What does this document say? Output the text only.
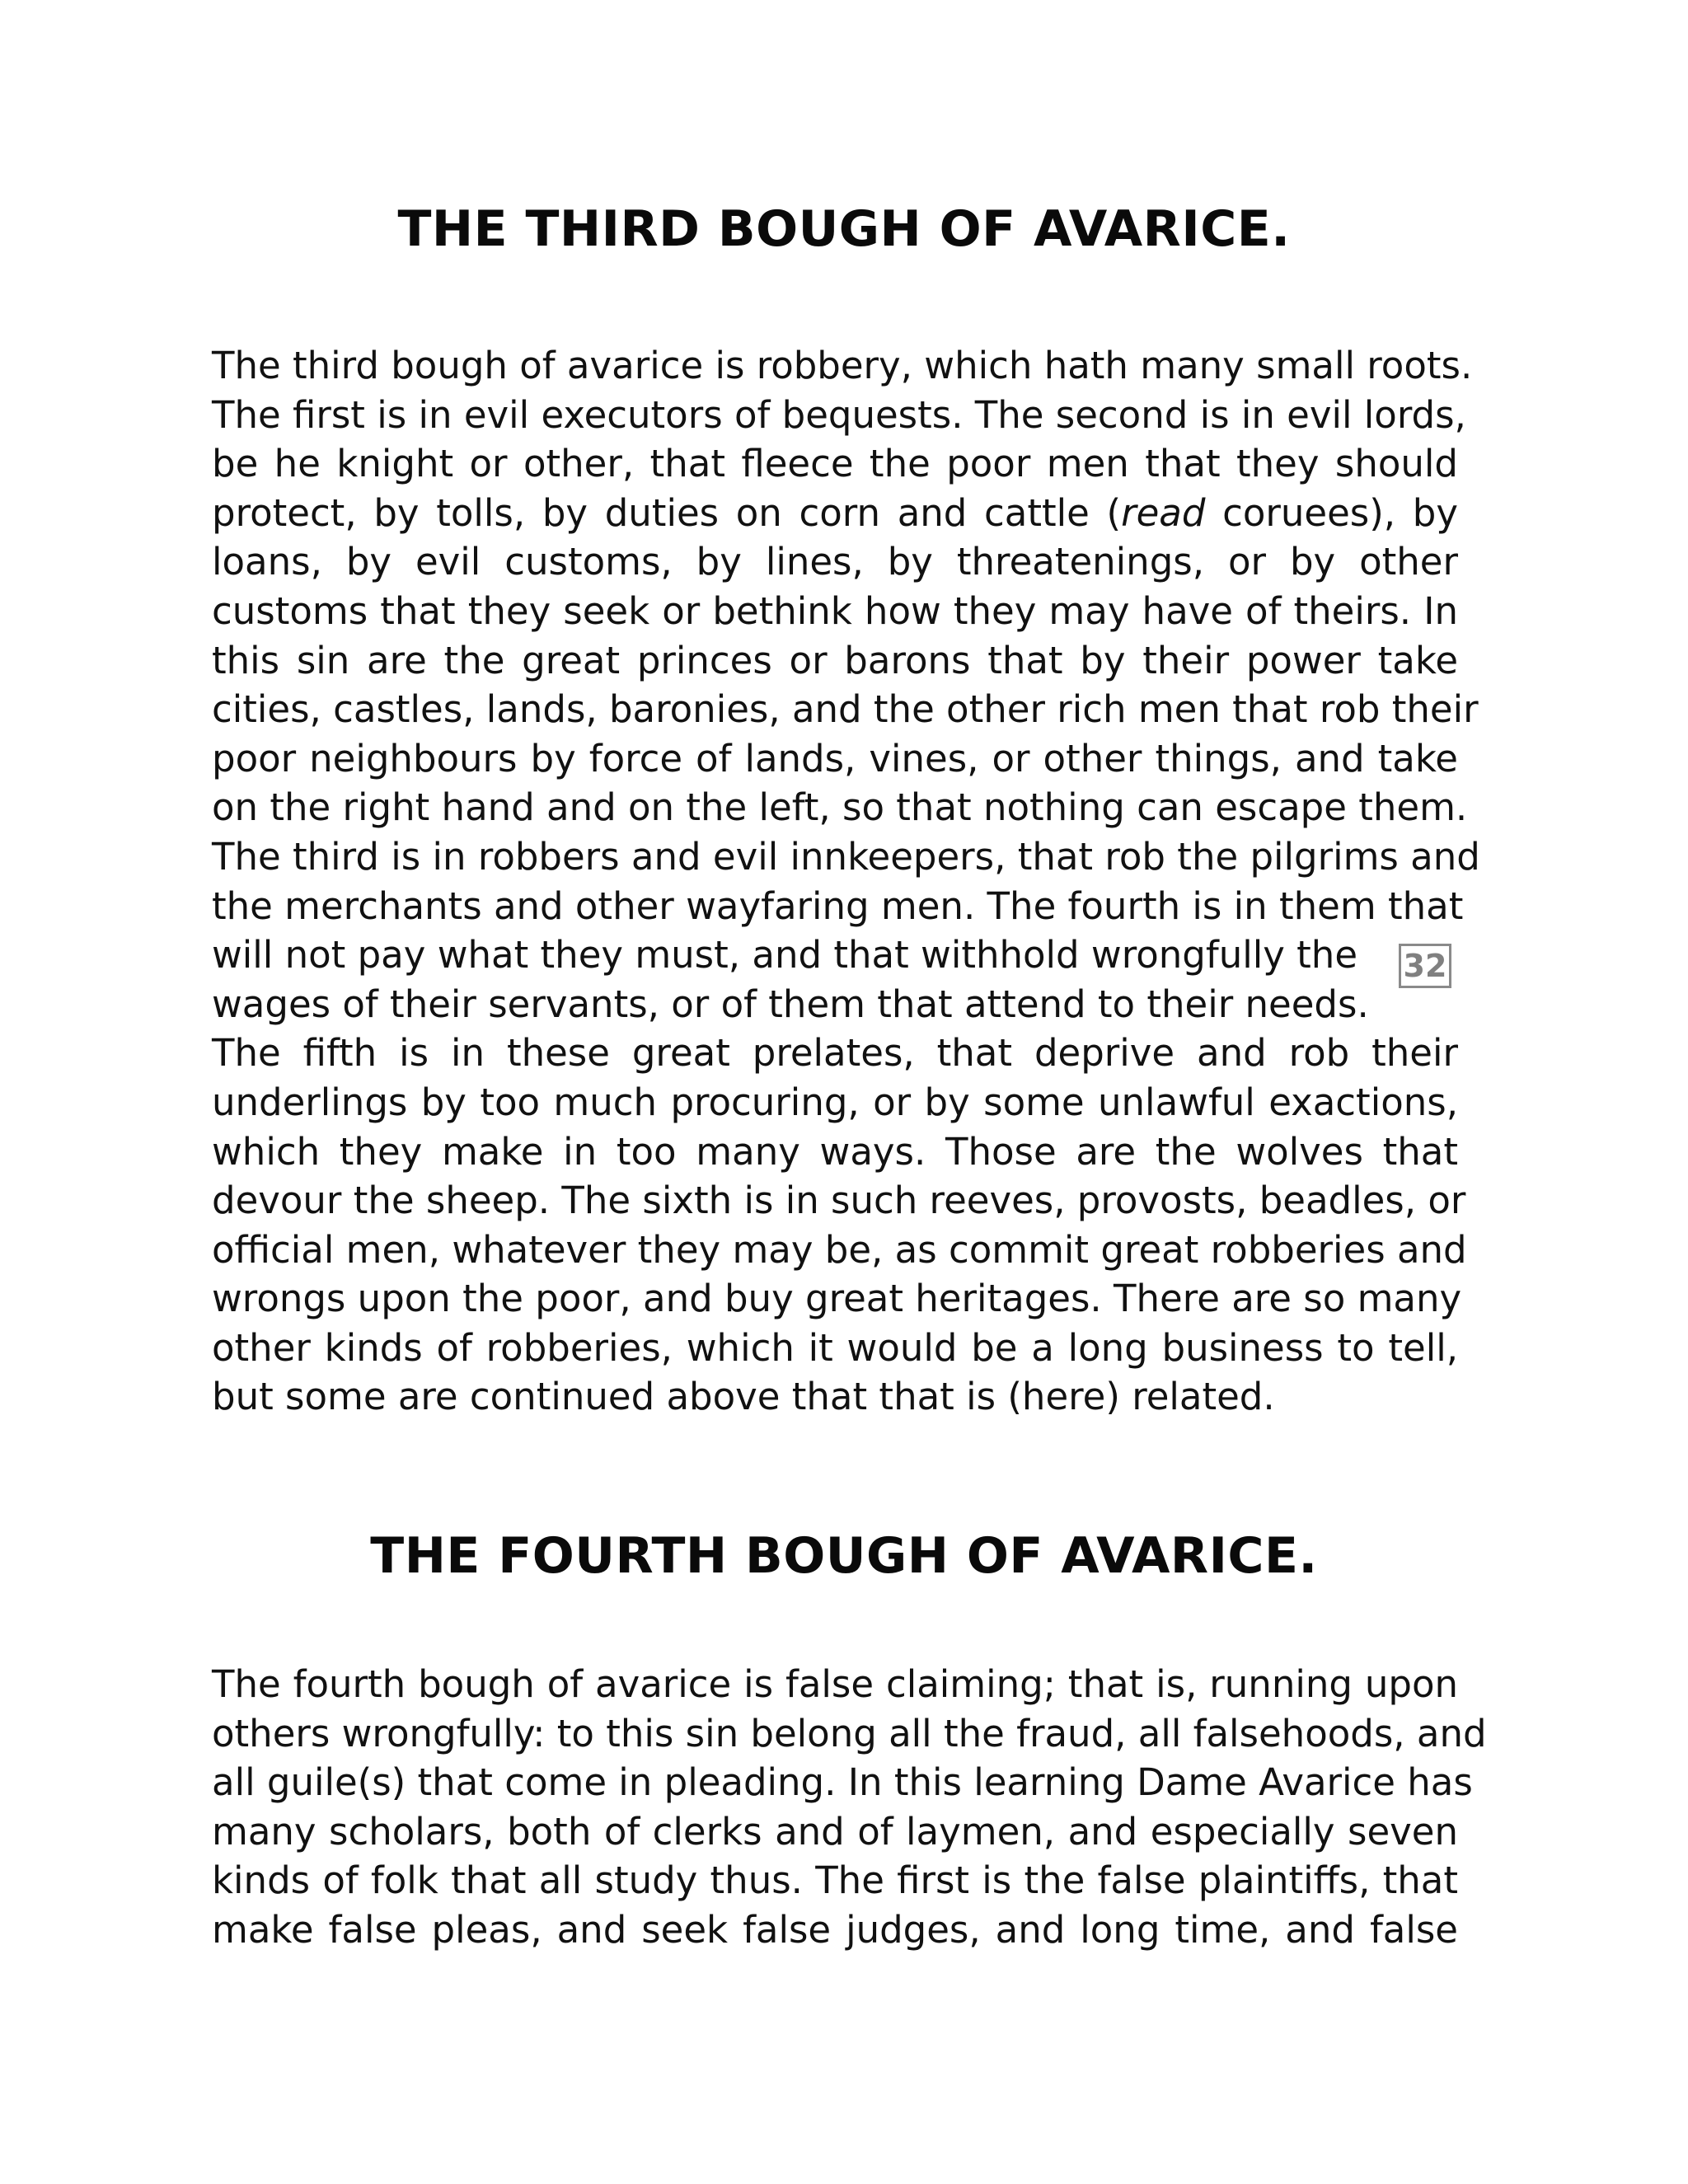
THE THIRD BOUGH OF AVARICE.
The third bough of avarice is robbery, which hath many small roots.
The first is in evil executors of bequests. The second is in evil lords,
be he knight or other, that fleece the poor men that they should
protect, by tolls, by duties on corn and cattle (read coruees), by
loans, by evil customs, by lines, by threatenings, or by other
customs that they seek or bethink how they may have of theirs. In
this sin are the great princes or barons that by their power take
cities, castles, lands, baronies, and the other rich men that rob their
poor neighbours by force of lands, vines, or other things, and take
on the right hand and on the left, so that nothing can escape them.
The third is in robbers and evil innkeepers, that rob the pilgrims and
the merchants and other wayfaring men. The fourth is in them that
will not pay what they must, and that withhold wrongfully the
wages of their servants, or of them that attend to their needs.
The fifth is in these great prelates, that deprive and rob their
underlings by too much procuring, or by some unlawful exactions,
which they make in too many ways. Those are the wolves that
devour the sheep. The sixth is in such reeves, provosts, beadles, or
official men, whatever they may be, as commit great robberies and
wrongs upon the poor, and buy great heritages. There are so many
other kinds of robberies, which it would be a long business to tell,
but some are continued above that that is (here) related.
32
THE FOURTH BOUGH OF AVARICE.
The fourth bough of avarice is false claiming; that is, running upon
others wrongfully: to this sin belong all the fraud, all falsehoods, and
all guile(s) that come in pleading. In this learning Dame Avarice has
many scholars, both of clerks and of laymen, and especially seven
kinds of folk that all study thus. The first is the false plaintiffs, that
make false pleas, and seek false judges, and long time, and false
